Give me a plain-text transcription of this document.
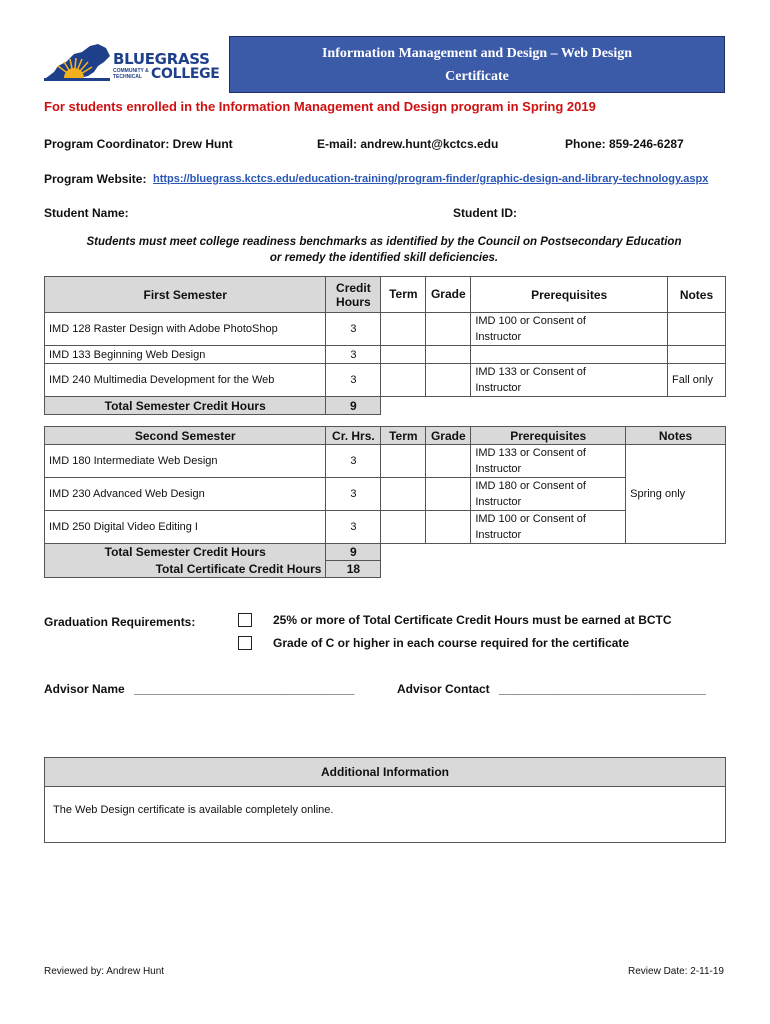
BLUEGRASS
COMMUNITY & TECHNICAL COLLEGE
Information Management and Design – Web Design
Certificate
For students enrolled in the Information Management and Design program in Spring 2019
Program Coordinator: Drew Hunt	E-mail: andrew.hunt@kctcs.edu	Phone: 859-246-6287
Program Website: https://bluegrass.kctcs.edu/education-training/program-finder/graphic-design-and-library-technology.aspx
Student Name:	Student ID:
Students must meet college readiness benchmarks as identified by the Council on Postsecondary Education
or remedy the identified skill deficiencies.
First Semester	Credit
Hours	Term	Grade	Prerequisites	Notes
IMD 128 Raster Design with Adobe PhotoShop	3			IMD 100 or Consent of
Instructor	

IMD 133 Beginning Web Design	3				
IMD 240 Multimedia Development for the Web	3			IMD 133 or Consent of
Instructor	Fall only
Total Semester Credit Hours	9				
Second Semester	Cr. Hrs.	Term	Grade	Prerequisites	Notes
IMD 180 Intermediate Web Design	3			IMD 133 or Consent of
Instructor	Spring only
IMD 230 Advanced Web Design	3			IMD 180 or Consent of
Instructor	

IMD 250 Digital Video Editing I	3			IMD 100 or Consent of
Instructor	

Total Semester Credit Hours	9				
Total Certificate Credit Hours	18				
Graduation Requirements:	25% or more of Total Certificate Credit Hours must be earned at BCTC
Grade of C or higher in each course required for the certificate
Advisor Name _________________________________	Advisor Contact _______________________________
Additional Information
The Web Design certificate is available completely online.
Reviewed by: Andrew Hunt	Review Date: 2-11-19
